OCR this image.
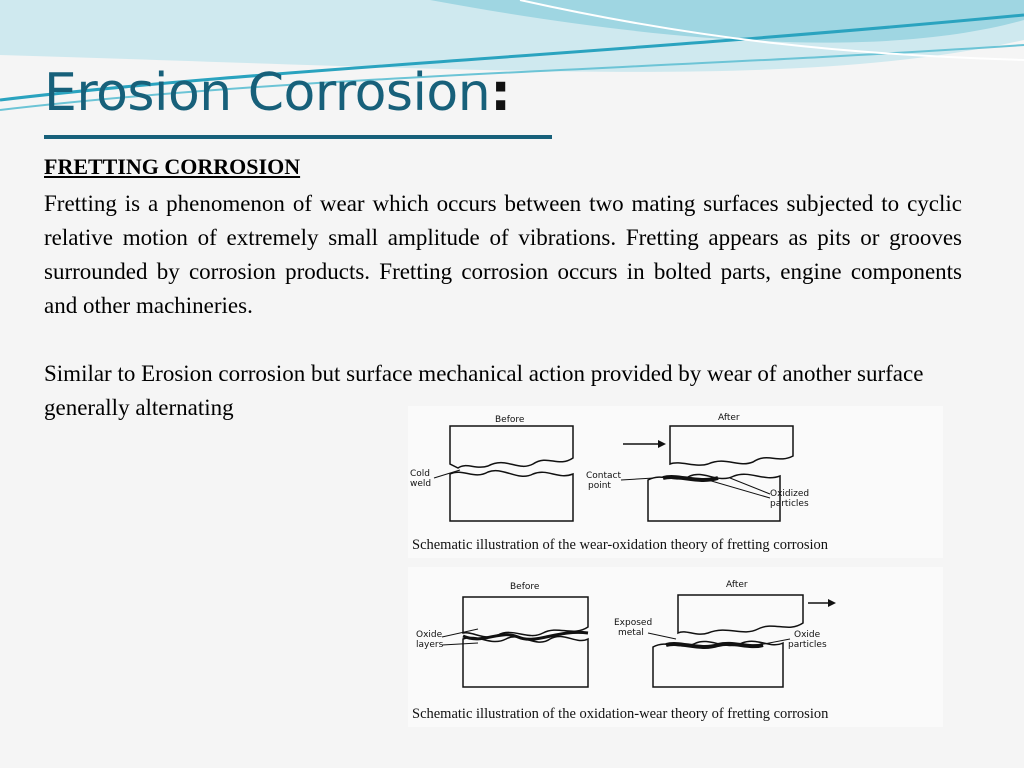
Erosion Corrosion:
FRETTING CORROSION

Fretting is a phenomenon of wear which occurs between two mating surfaces subjected to cyclic relative motion of extremely small amplitude of vibrations. Fretting appears as pits or grooves surrounded by corrosion products. Fretting corrosion occurs in bolted parts, engine components and other machineries.

Similar to Erosion corrosion but surface mechanical action provided by wear of another surface generally alternating	Before	After
Cold
weld
Contact
point
Oxidized
particles
Schematic illustration of the wear-oxidation theory of fretting corrosion
Before	After
Oxide
layers
Exposed
metal	Oxide
particles
Schematic illustration of the oxidation-wear theory of fretting corrosion
